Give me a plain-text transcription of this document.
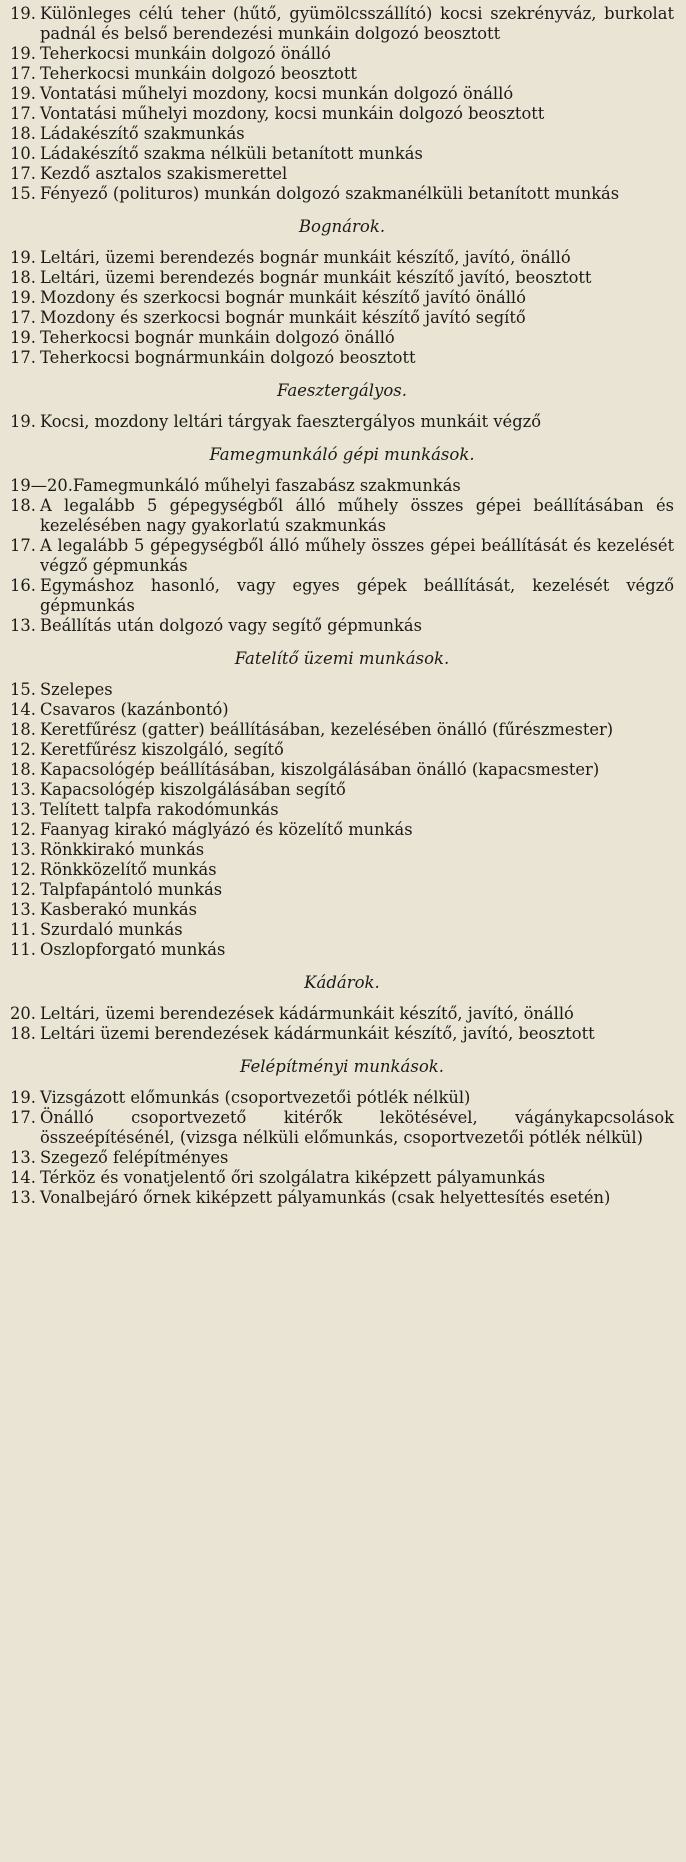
19. Különleges célú teher (hűtő, gyümölcsszállító) kocsi szekrényváz, burkolat padnál és belső berendezési munkáin dolgozó beosztott
19. Teherkocsi munkáin dolgozó önálló
17. Teherkocsi munkáin dolgozó beosztott
19. Vontatási műhelyi mozdony, kocsi munkán dolgozó önálló
17. Vontatási műhelyi mozdony, kocsi munkáin dolgozó beosztott
18. Ládakészítő szakmunkás
10. Ládakészítő szakma nélküli betanított munkás
17. Kezdő asztalos szakismerettel
15. Fényező (polituros) munkán dolgozó szakmanélküli betanított munkás
Bognárok.
19. Leltári, üzemi berendezés bognár munkáit készítő, javító, önálló
18. Leltári, üzemi berendezés bognár munkáit készítő javító, beosztott
19. Mozdony és szerkocsi bognár munkáit készítő javító önálló
17. Mozdony és szerkocsi bognár munkáit készítő javító segítő
19. Teherkocsi bognár munkáin dolgozó önálló
17. Teherkocsi bognármunkáin dolgozó beosztott
Faesztergályos.
19. Kocsi, mozdony leltári tárgyak faesztergályos munkáit végző
Famegmunkáló gépi munkások.
19—20. Famegmunkáló műhelyi fa​szabász szakmunkás
18. A legalább 5 gépegységből álló műhely összes gépei beállításában és kezelésében nagy gyakorlatú szakmunkás
17. A legalább 5 gépegységből álló műhely összes gépei beállítását és kezelését végző gépmunkás
16. Egymáshoz hasonló, vagy egyes gépek beállítását, kezelését végző gépmunkás
13. Beállítás után dolgozó vagy segítő gépmunkás
Fatelítő üzemi munkások.
15. Szelepes
14. Csavaros (kazánbontó)
18. Keretfűrész (gatter) beállításában, kezelésében önálló (fűrészmester)
12. Keretfűrész kiszolgáló, segítő
18. Kapacsológép beállításában, kiszolgálásában önálló (kapacsmester)
13. Kapacsológép kiszolgálásában segítő
13. Telített talpfa rakodómunkás
12. Faanyag kirakó máglyázó és közelítő munkás
13. Rönkkirakó munkás
12. Rönkközelítő munkás
12. Talpfapántoló munkás
13. Kasberakó munkás
11. Szurdaló munkás
11. Oszlopforgató munkás
Kádárok.
20. Leltári, üzemi berendezések kádármunkáit készítő, javító, önálló
18. Leltári üzemi berendezések kádármunkáit készítő, javító, beosztott
Felépítményi munkások.
19. Vizsgázott előmunkás (csoportvezetői pótlék nélkül)
17. Önálló csoportvezető kitérők lekötésével, vágánykapcsolások összeépítésénél, (vizsga nélküli előmunkás, csoportvezetői pótlék nélkül)
13. Szegező felépítményes
14. Térköz és vonatjelentő őri szolgálatra kiképzett pályamunkás
13. Vonalbejáró őrnek kiképzett pályamunkás (csak helyettesítés esetén)
